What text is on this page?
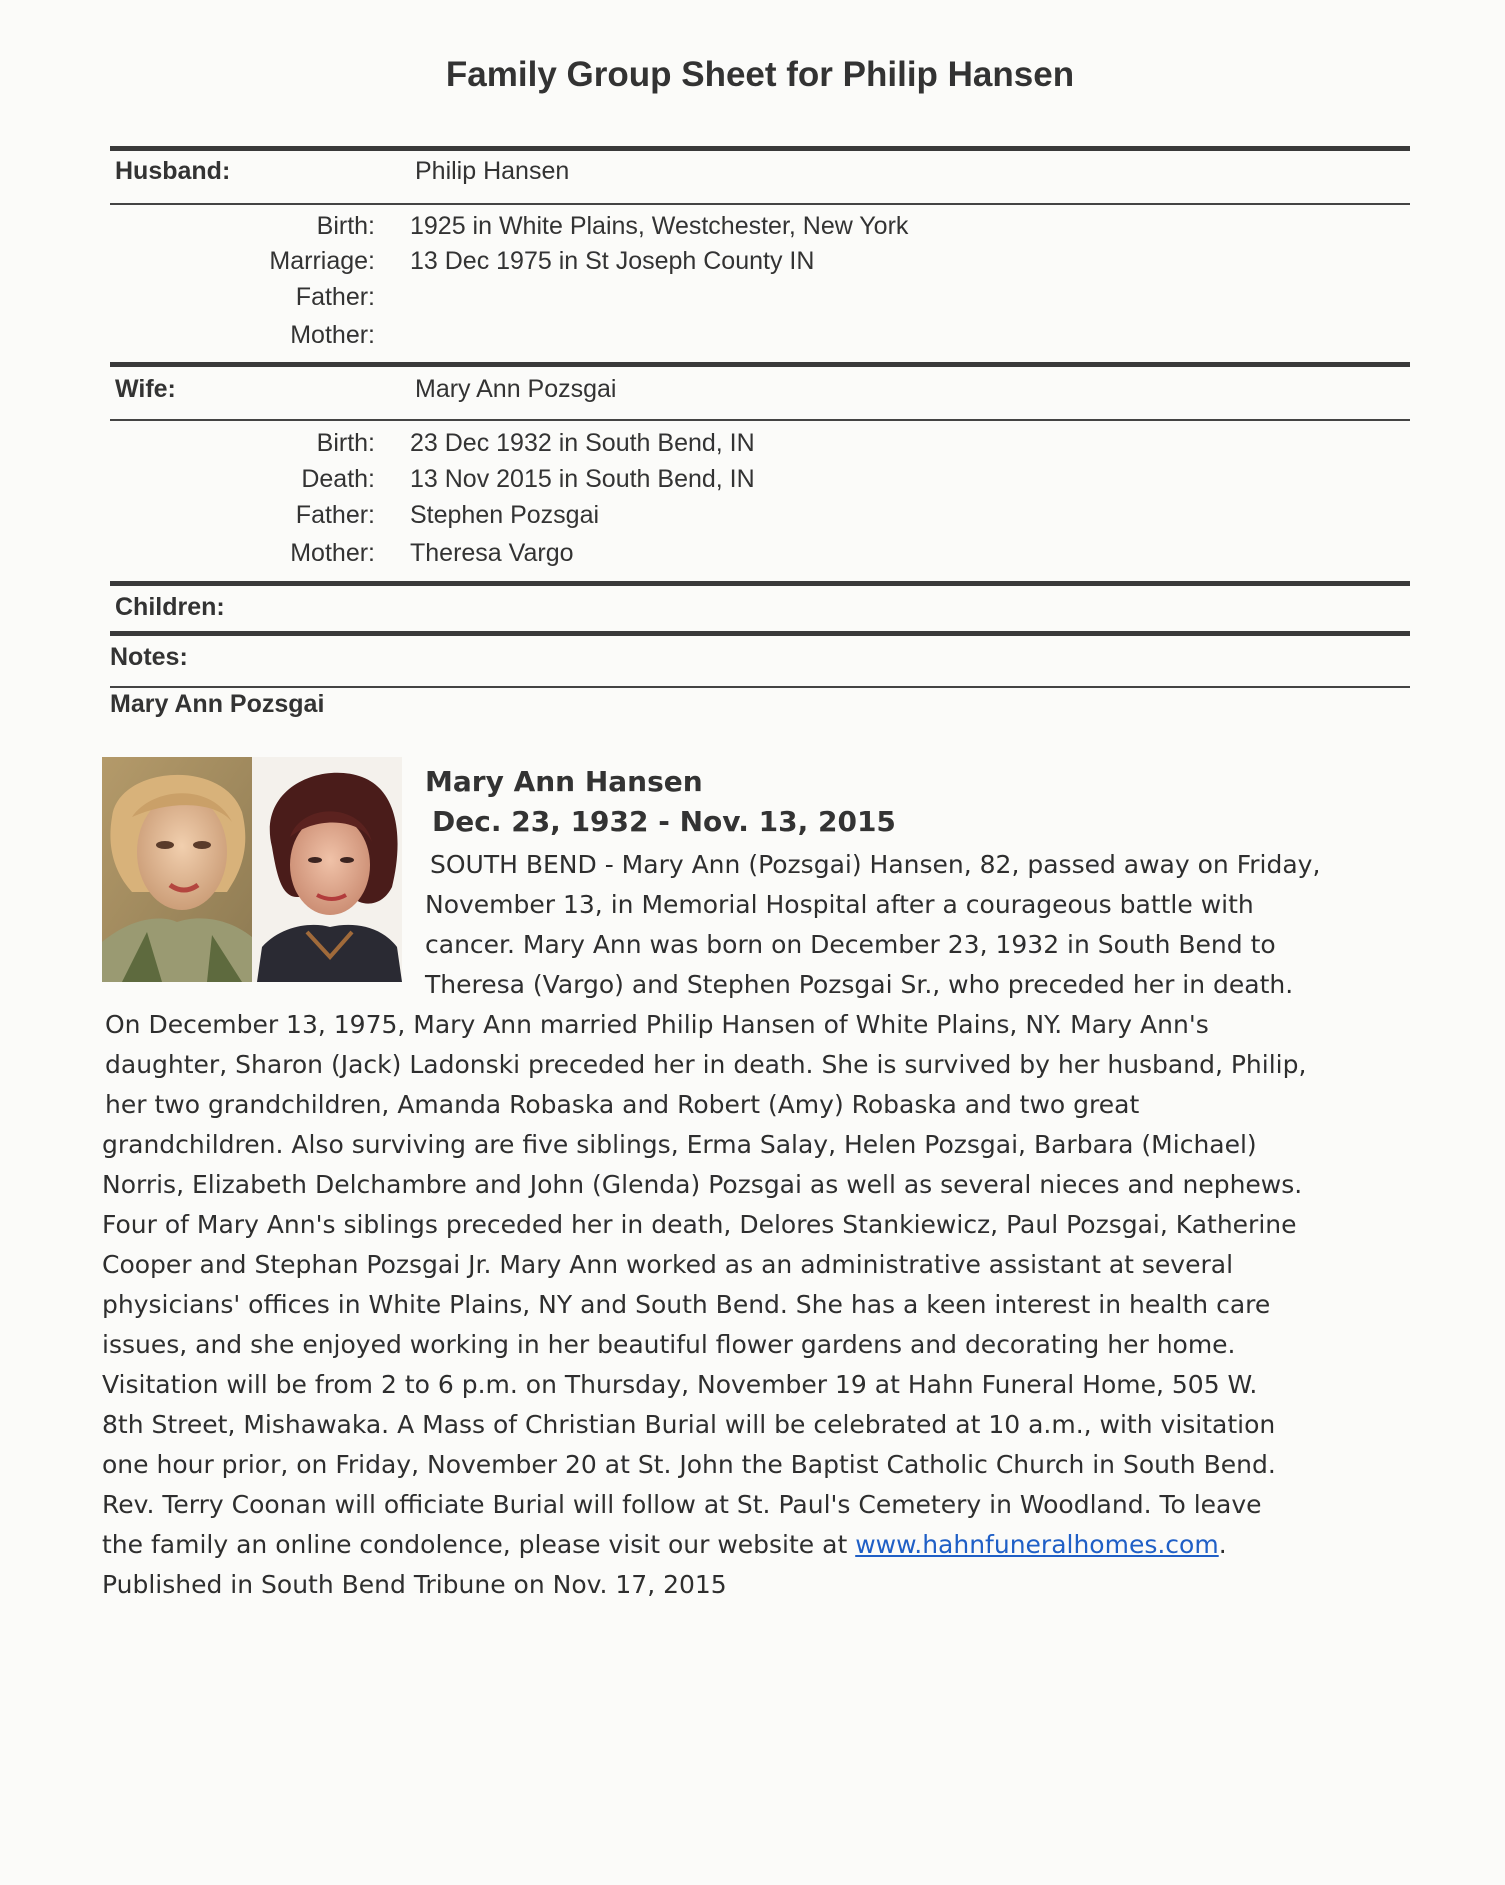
Family Group Sheet for Philip Hansen
Husband:	Philip Hansen
Birth: 1925 in White Plains, Westchester, New York
Marriage: 13 Dec 1975 in St Joseph County IN
Father:
Mother:
Wife:	Mary Ann Pozsgai
Birth: 23 Dec 1932 in South Bend, IN
Death: 13 Nov 2015 in South Bend, IN
Father: Stephen Pozsgai
Mother: Theresa Vargo
Children:
Notes:
Mary Ann Pozsgai
Mary Ann Hansen
Dec. 23, 1932 - Nov. 13, 2015
SOUTH BEND - Mary Ann (Pozsgai) Hansen, 82, passed away on Friday,
November 13, in Memorial Hospital after a courageous battle with
cancer. Mary Ann was born on December 23, 1932 in South Bend to
Theresa (Vargo) and Stephen Pozsgai Sr., who preceded her in death.
On December 13, 1975, Mary Ann married Philip Hansen of White Plains, NY. Mary Ann's
daughter, Sharon (Jack) Ladonski preceded her in death. She is survived by her husband, Philip,
her two grandchildren, Amanda Robaska and Robert (Amy) Robaska and two great
grandchildren. Also surviving are five siblings, Erma Salay, Helen Pozsgai, Barbara (Michael)
Norris, Elizabeth Delchambre and John (Glenda) Pozsgai as well as several nieces and nephews.
Four of Mary Ann's siblings preceded her in death, Delores Stankiewicz, Paul Pozsgai, Katherine
Cooper and Stephan Pozsgai Jr. Mary Ann worked as an administrative assistant at several
physicians' offices in White Plains, NY and South Bend. She has a keen interest in health care
issues, and she enjoyed working in her beautiful flower gardens and decorating her home.
Visitation will be from 2 to 6 p.m. on Thursday, November 19 at Hahn Funeral Home, 505 W.
8th Street, Mishawaka. A Mass of Christian Burial will be celebrated at 10 a.m., with visitation
one hour prior, on Friday, November 20 at St. John the Baptist Catholic Church in South Bend.
Rev. Terry Coonan will officiate Burial will follow at St. Paul's Cemetery in Woodland. To leave
the family an online condolence, please visit our website at www.hahnfuneralhomes.com.
Published in South Bend Tribune on Nov. 17, 2015
